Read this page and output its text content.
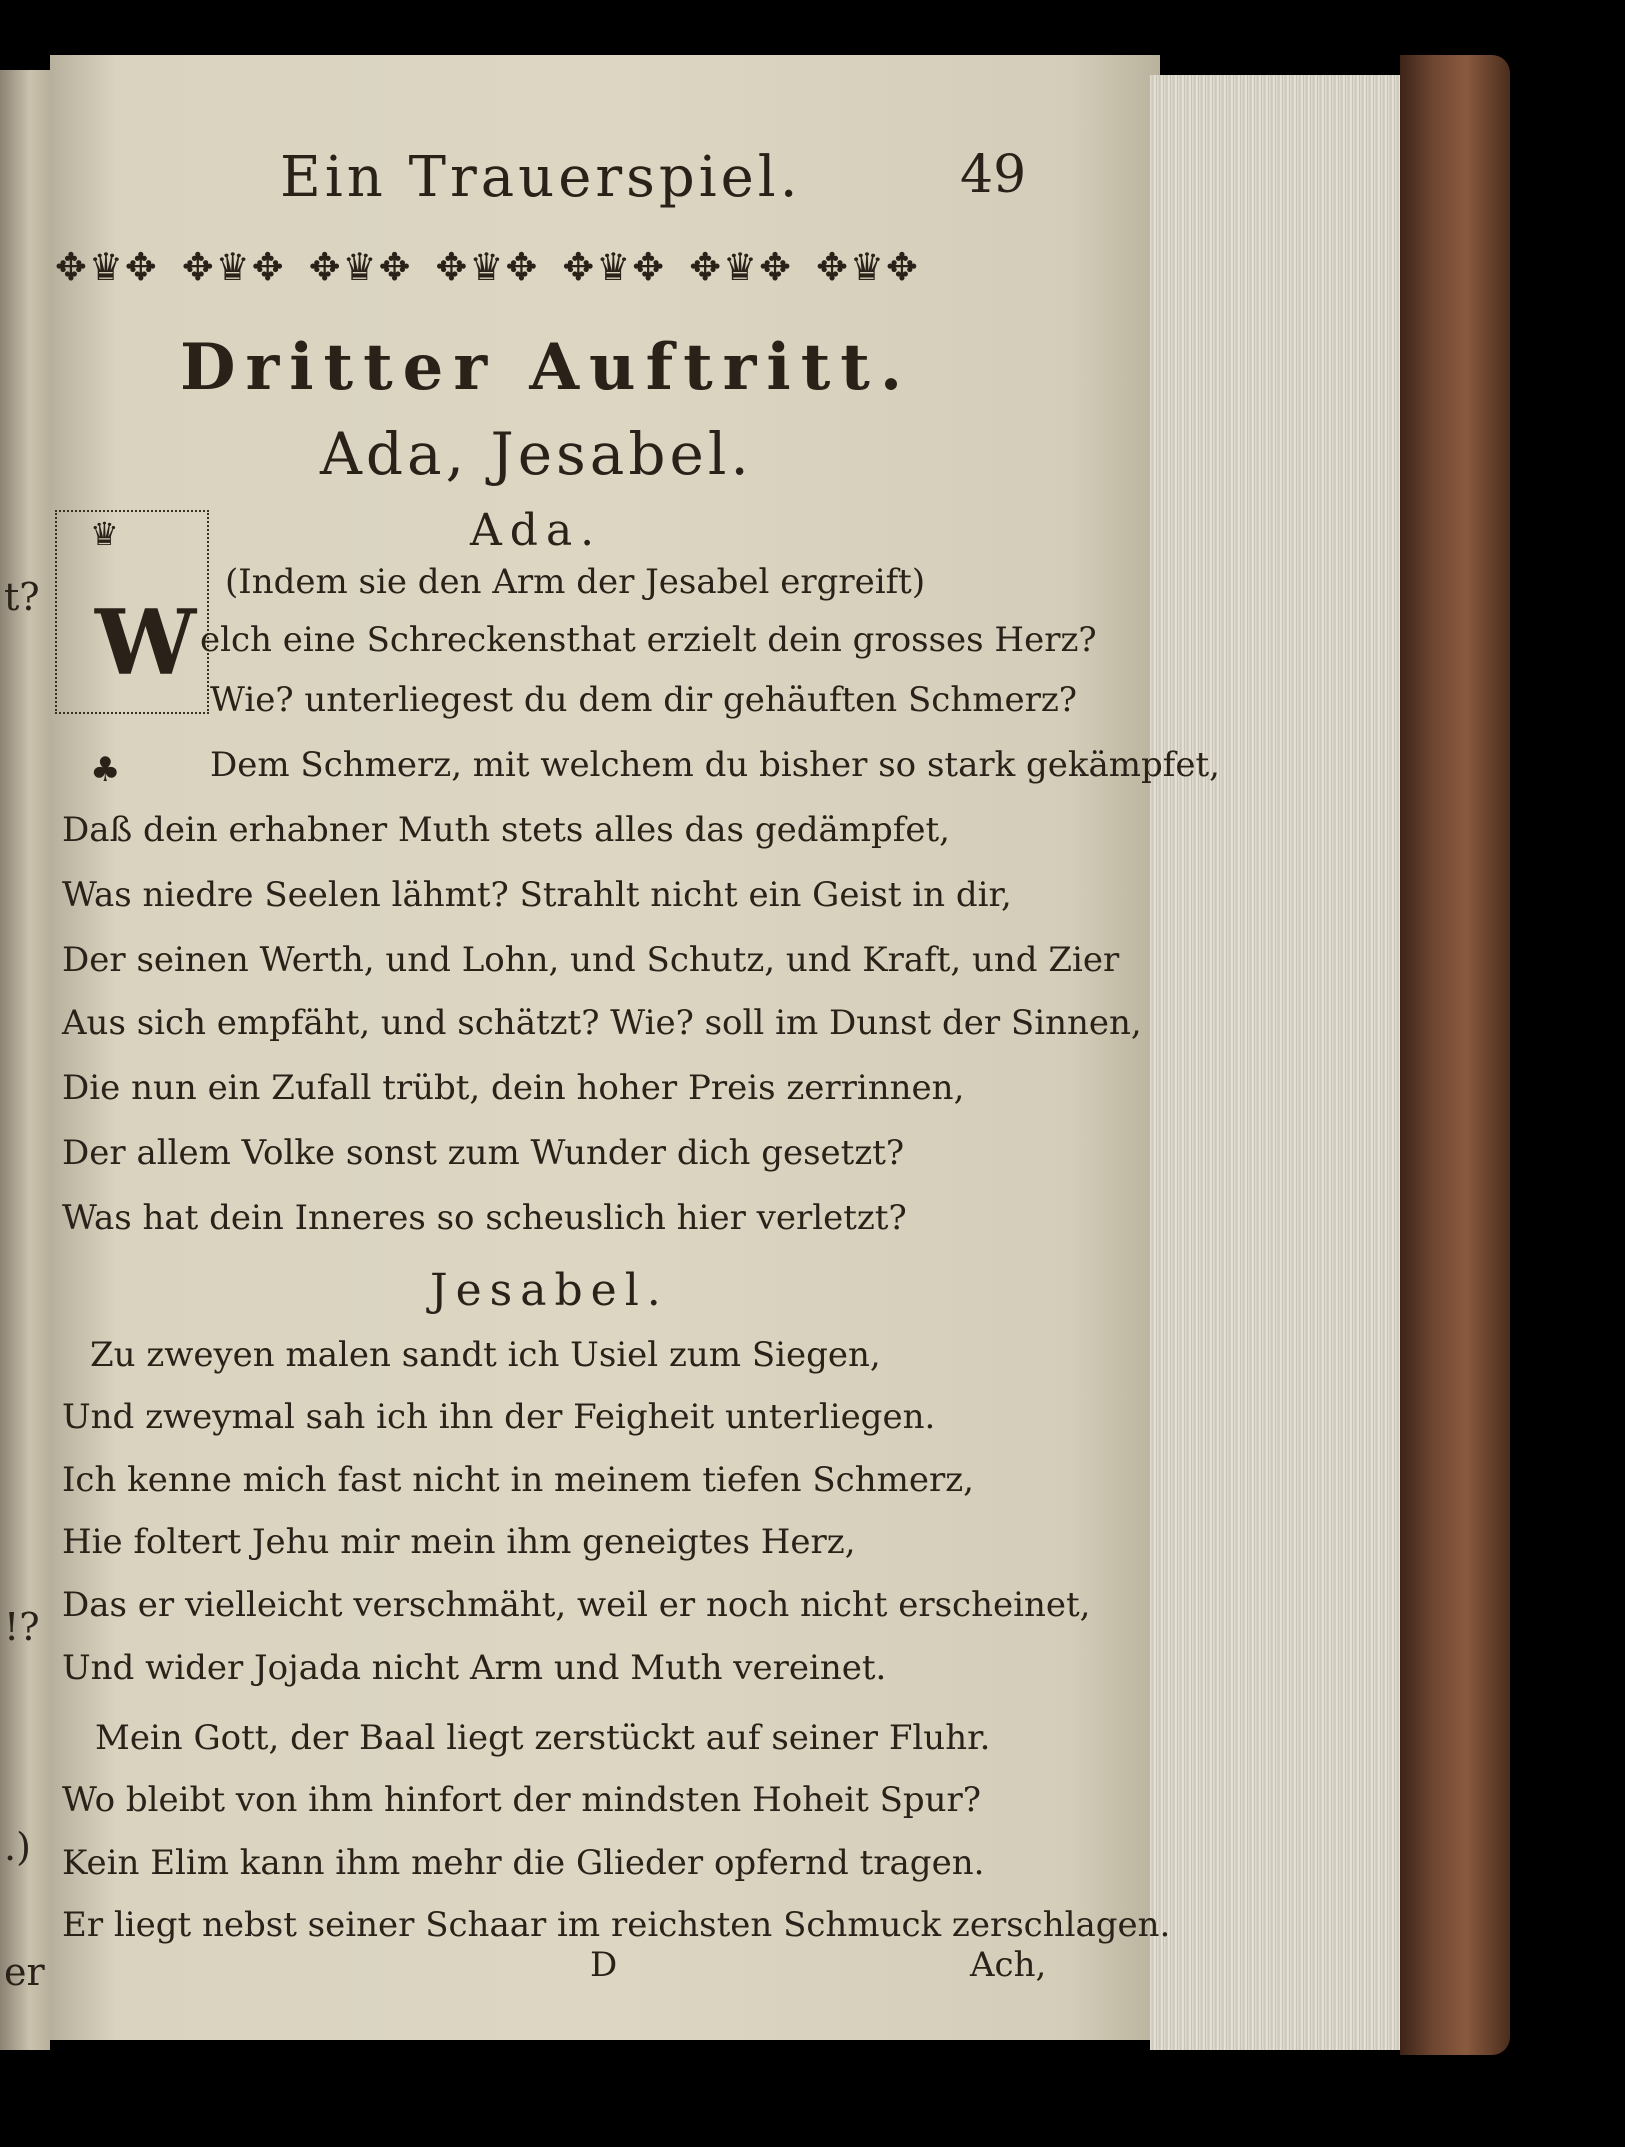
t?
!?
.)
er
Ein Trauerspiel.	49
✥♛✥ ✥♛✥ ✥♛✥ ✥♛✥ ✥♛✥ ✥♛✥ ✥♛✥
Dritter Auftritt.
Ada, Jesabel.
Ada.
♛
W
♣
(Indem sie den Arm der Jesabel ergreift)
elch eine Schreckensthat erzielt dein grosses Herz?
Wie? unterliegest du dem dir gehäuften Schmerz?
Dem Schmerz, mit welchem du bisher so stark gekämpfet,
Daß dein erhabner Muth stets alles das gedämpfet,
Was niedre Seelen lähmt? Strahlt nicht ein Geist in dir,
Der seinen Werth, und Lohn, und Schutz, und Kraft, und Zier
Aus sich empfäht, und schätzt? Wie? soll im Dunst der Sinnen,
Die nun ein Zufall trübt, dein hoher Preis zerrinnen,
Der allem Volke sonst zum Wunder dich gesetzt?
Was hat dein Inneres so scheuslich hier verletzt?
Jesabel.
Zu zweyen malen sandt ich Usiel zum Siegen,
Und zweymal sah ich ihn der Feigheit unterliegen.
Ich kenne mich fast nicht in meinem tiefen Schmerz,
Hie foltert Jehu mir mein ihm geneigtes Herz,
Das er vielleicht verschmäht, weil er noch nicht erscheinet,
Und wider Jojada nicht Arm und Muth vereinet.
Mein Gott, der Baal liegt zerstückt auf seiner Fluhr.
Wo bleibt von ihm hinfort der mindsten Hoheit Spur?
Kein Elim kann ihm mehr die Glieder opfernd tragen.
Er liegt nebst seiner Schaar im reichsten Schmuck zerschlagen.
D	Ach,
